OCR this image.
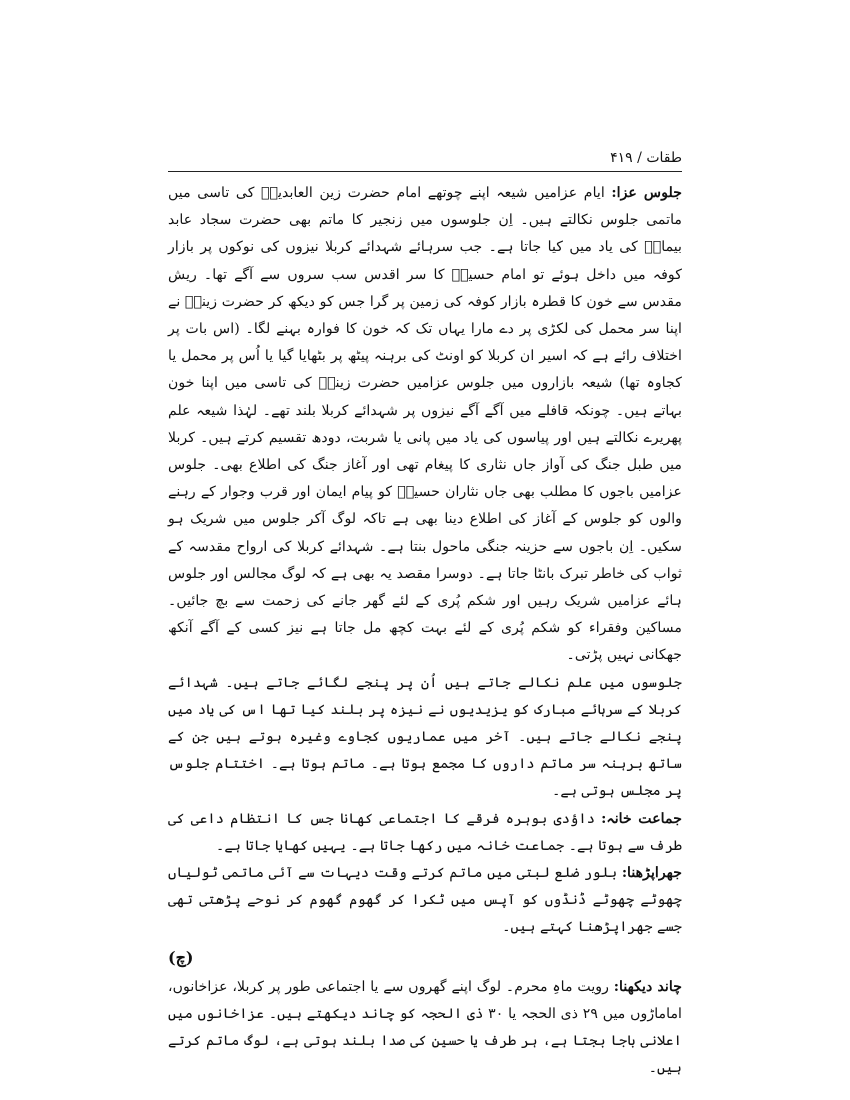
طقات / ۴۱۹

جلوس عزا: ایام عزامیں شیعہ اپنے چوتھے امام حضرت زین العابدینؑ کی تاسی میں ماتمی جلوس نکالتے ہیں۔ اِن جلوسوں میں زنجیر کا ماتم بھی حضرت سجاد عابد بیمارؑ کی یاد میں کیا جاتا ہے۔ جب سرہائے شہدائے کربلا نیزوں کی نوکوں پر بازار کوفہ میں داخل ہوئے تو امام حسینؑ کا سر اقدس سب سروں سے آگے تھا۔ ریش مقدس سے خون کا قطرہ بازار کوفہ کی زمین پر گرا جس کو دیکھ کر حضرت زینبؑ نے اپنا سر محمل کی لکڑی پر دے مارا یہاں تک کہ خون کا فوارہ بہنے لگا۔ (اس بات پر اختلاف رائے ہے کہ اسیر ان کربلا کو اونٹ کی برہنہ پیٹھ پر بٹھایا گیا یا اُس پر محمل یا کجاوہ تھا) شیعہ بازاروں میں جلوس عزامیں حضرت زینبؑ کی تاسی میں اپنا خون بہاتے ہیں۔ چونکہ قافلے میں آگے آگے نیزوں پر شہدائے کربلا بلند تھے۔ لہٰذا شیعہ علم پھریرے نکالتے ہیں اور پیاسوں کی یاد میں پانی یا شربت، دودھ تقسیم کرتے ہیں۔ کربلا میں طبل جنگ کی آواز جاں نثاری کا پیغام تھی اور آغاز جنگ کی اطلاع بھی۔ جلوس عزامیں باجوں کا مطلب بھی جاں نثاران حسینؑ کو پیام ایمان اور قرب وجوار کے رہنے والوں کو جلوس کے آغاز کی اطلاع دینا بھی ہے تاکہ لوگ آکر جلوس میں شریک ہو سکیں۔ اِن باجوں سے حزینہ جنگی ماحول بنتا ہے۔ شہدائے کربلا کی ارواح مقدسہ کے ثواب کی خاطر تبرک بانٹا جاتا ہے۔ دوسرا مقصد یہ بھی ہے کہ لوگ مجالس اور جلوس ہائے عزامیں شریک رہیں اور شکم پُری کے لئے گھر جانے کی زحمت سے بچ جائیں۔ مساکین وفقراء کو شکم پُری کے لئے بہت کچھ مل جاتا ہے نیز کسی کے آگے آنکھ جھکانی نہیں پڑتی۔

جلوسوں میں علم نکالے جاتے ہیں اُن پر پنجے لگائے جاتے ہیں۔ شہدائے کربلا کے سرہائے مبارک کو یزیدیوں نے نیزہ پر بلند کیا تھا اس کی یاد میں پنجے نکالے جاتے ہیں۔ آخر میں عماریوں کجاوے وغیرہ ہوتے ہیں جن کے ساتھ برہنہ سر ماتم داروں کا مجمع ہوتا ہے۔ ماتم ہوتا ہے۔ اختتام جلوس پر مجلس ہوتی ہے۔

جماعت خانہ: داؤدی بوہرہ فرقے کا اجتماعی کھانا جس کا انتظام داعی کی طرف سے ہوتا ہے۔ جماعت خانہ میں رکھا جاتا ہے۔ یہیں کھایا جاتا ہے۔

جھراپڑھنا: بلور ضلع لبتی میں ماتم کرتے وقت دیہات سے آئی ماتمی ٹولیاں چھوٹے چھوٹے ڈنڈوں کو آپس میں ٹکرا کر گھوم گھوم کر نوحے پڑھتی تھی جسے جھراپڑھنا کہتے ہیں۔

(چ)

چاند دیکھنا: رویت ماہِ محرم۔ لوگ اپنے گھروں سے یا اجتماعی طور پر کربلا، عزاخانوں، اماماڑوں میں ۲۹ ذی الحجہ یا ۳۰ ذی الحجہ کو چاند دیکھتے ہیں۔ عزاخانوں میں اعلانی باجا بجتا ہے، ہر طرف یا حسین کی صدا بلند ہوتی ہے، لوگ ماتم کرتے ہیں۔
